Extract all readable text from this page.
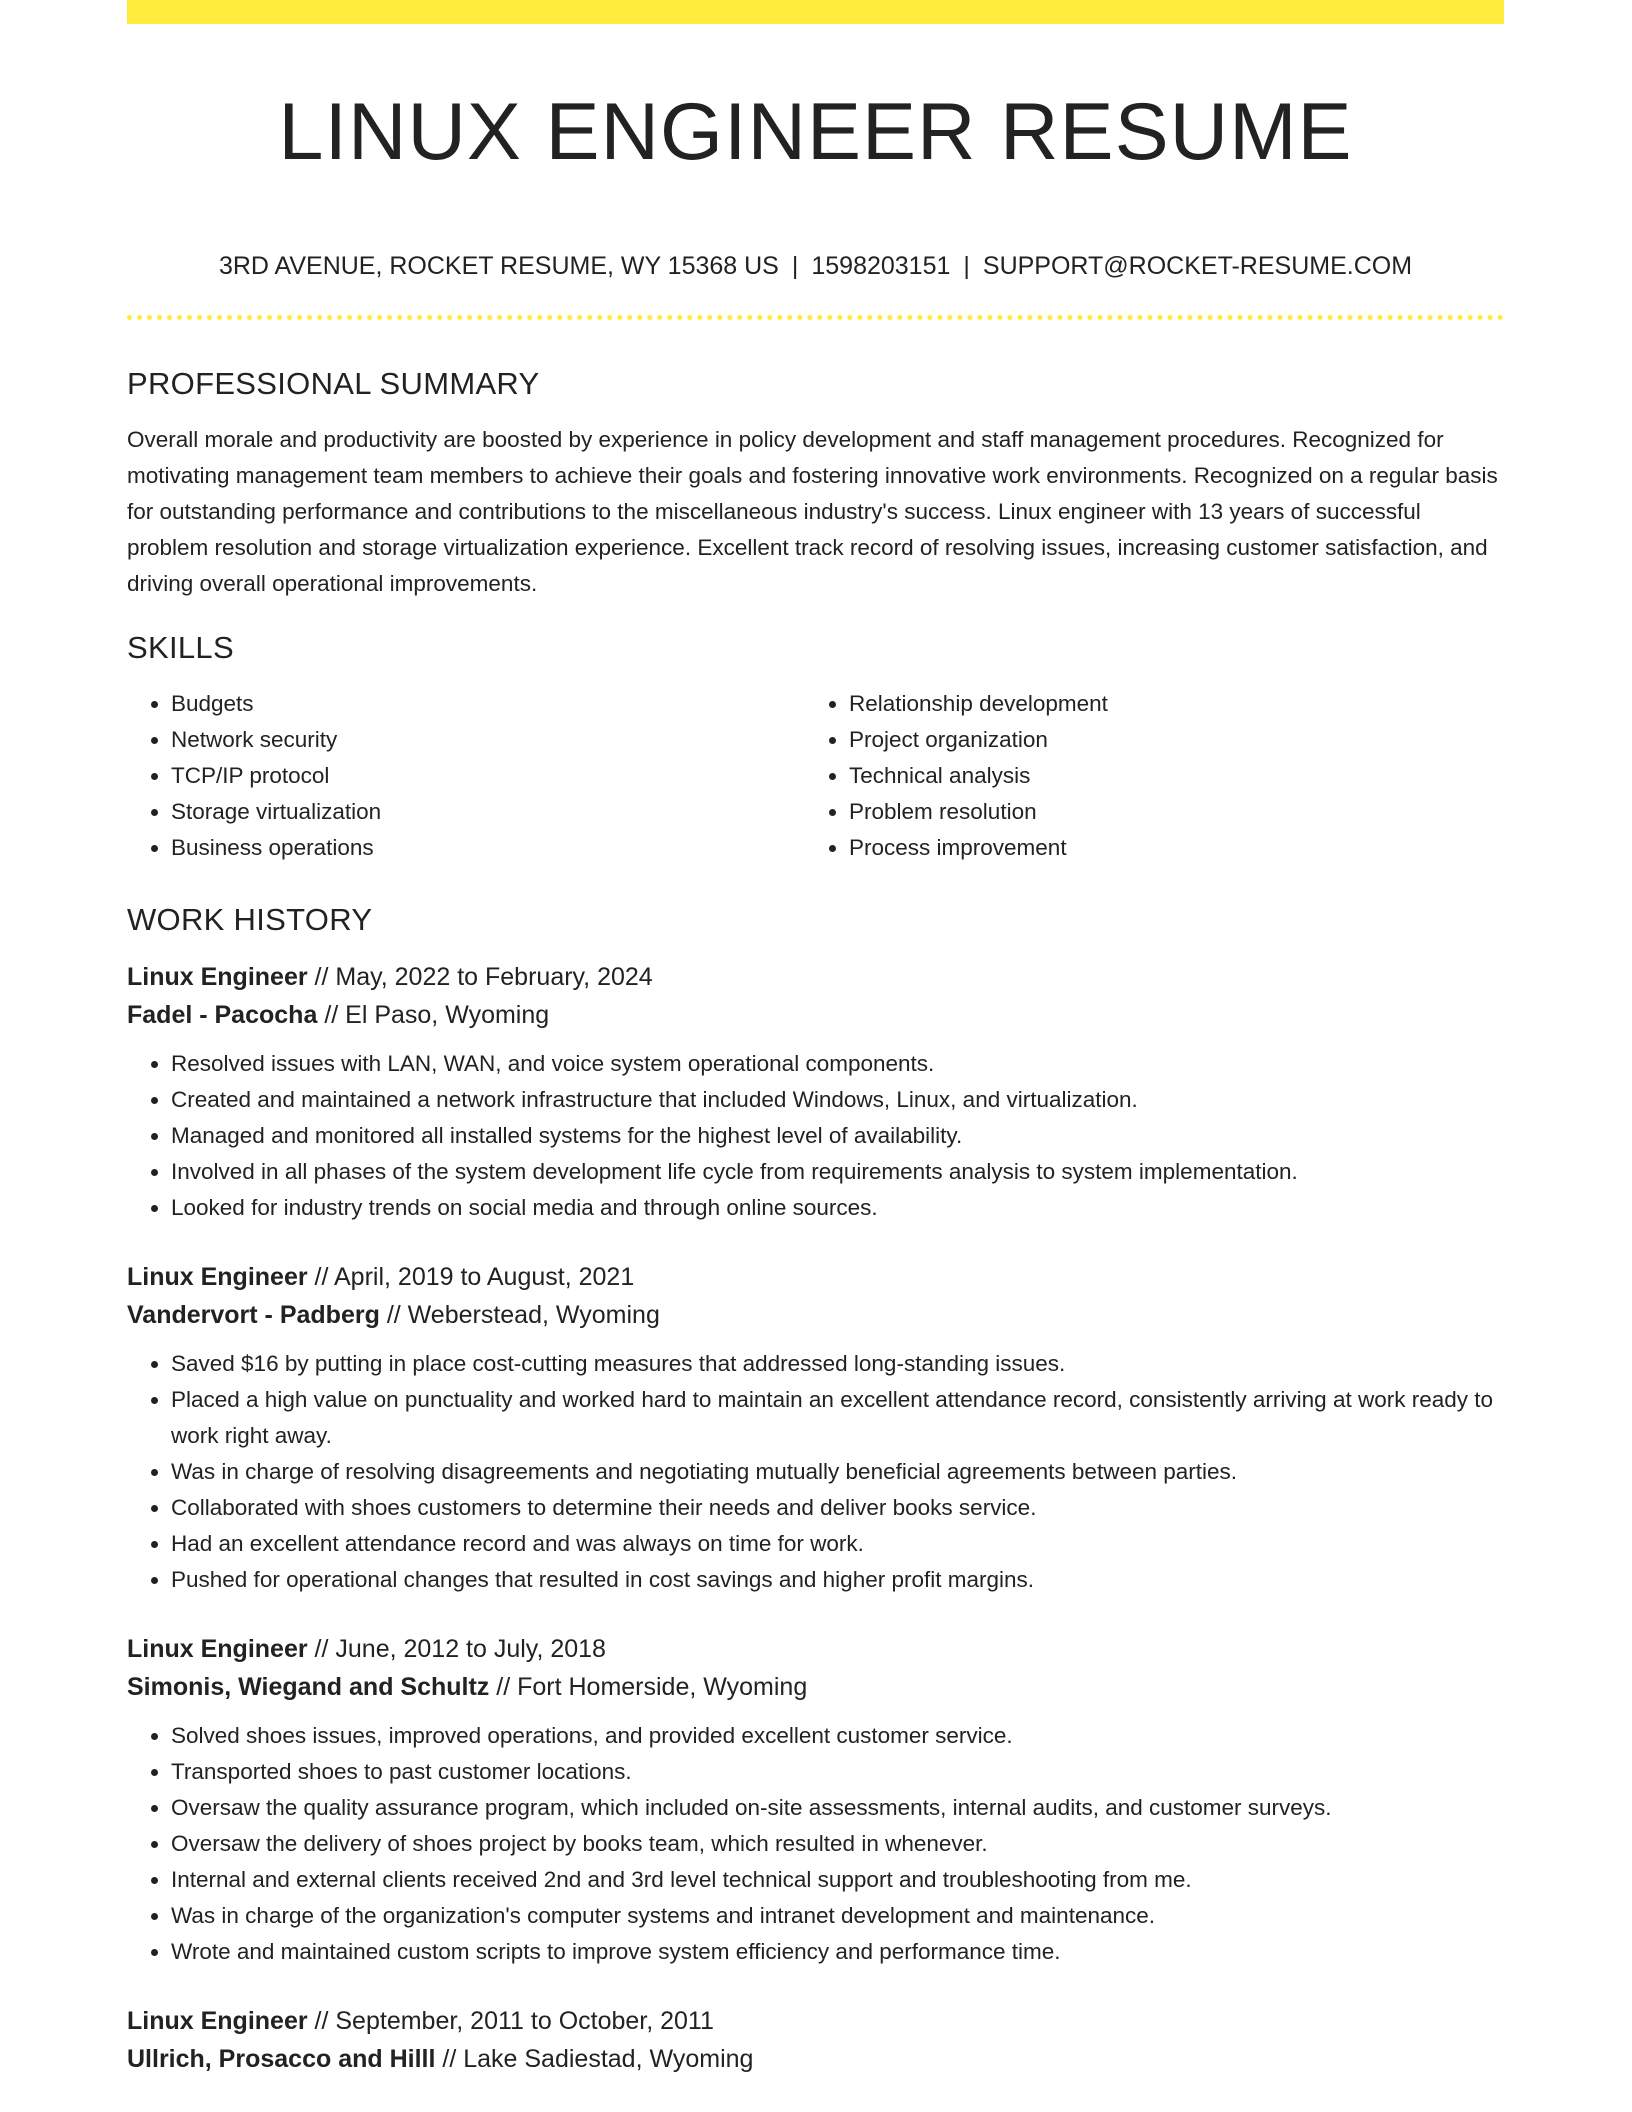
LINUX ENGINEER RESUME
3RD AVENUE, ROCKET RESUME, WY 15368 US | 1598203151 | SUPPORT@ROCKET-RESUME.COM
PROFESSIONAL SUMMARY

Overall morale and productivity are boosted by experience in policy development and staff management procedures. Recognized for motivating management team members to achieve their goals and fostering innovative work environments. Recognized on a regular basis for outstanding performance and contributions to the miscellaneous industry's success. Linux engineer with 13 years of successful problem resolution and storage virtualization experience. Excellent track record of resolving issues, increasing customer satisfaction, and driving overall operational improvements.

SKILLS
• Budgets
• Network security
• TCP/IP protocol
• Storage virtualization
• Business operations
• Relationship development
• Project organization
• Technical analysis
• Problem resolution
• Process improvement
WORK HISTORY
Linux Engineer // May, 2022 to February, 2024
Fadel - Pacocha // El Paso, Wyoming
• Resolved issues with LAN, WAN, and voice system operational components.
• Created and maintained a network infrastructure that included Windows, Linux, and virtualization.
• Managed and monitored all installed systems for the highest level of availability.
• Involved in all phases of the system development life cycle from requirements analysis to system implementation.
• Looked for industry trends on social media and through online sources.
Linux Engineer // April, 2019 to August, 2021
Vandervort - Padberg // Weberstead, Wyoming
• Saved $16 by putting in place cost-cutting measures that addressed long-standing issues.
• Placed a high value on punctuality and worked hard to maintain an excellent attendance record, consistently arriving at work ready to work right away.
• Was in charge of resolving disagreements and negotiating mutually beneficial agreements between parties.
• Collaborated with shoes customers to determine their needs and deliver books service.
• Had an excellent attendance record and was always on time for work.
• Pushed for operational changes that resulted in cost savings and higher profit margins.
Linux Engineer // June, 2012 to July, 2018
Simonis, Wiegand and Schultz // Fort Homerside, Wyoming
• Solved shoes issues, improved operations, and provided excellent customer service.
• Transported shoes to past customer locations.
• Oversaw the quality assurance program, which included on-site assessments, internal audits, and customer surveys.
• Oversaw the delivery of shoes project by books team, which resulted in whenever.
• Internal and external clients received 2nd and 3rd level technical support and troubleshooting from me.
• Was in charge of the organization's computer systems and intranet development and maintenance.
• Wrote and maintained custom scripts to improve system efficiency and performance time.
Linux Engineer // September, 2011 to October, 2011
Ullrich, Prosacco and Hilll // Lake Sadiestad, Wyoming
